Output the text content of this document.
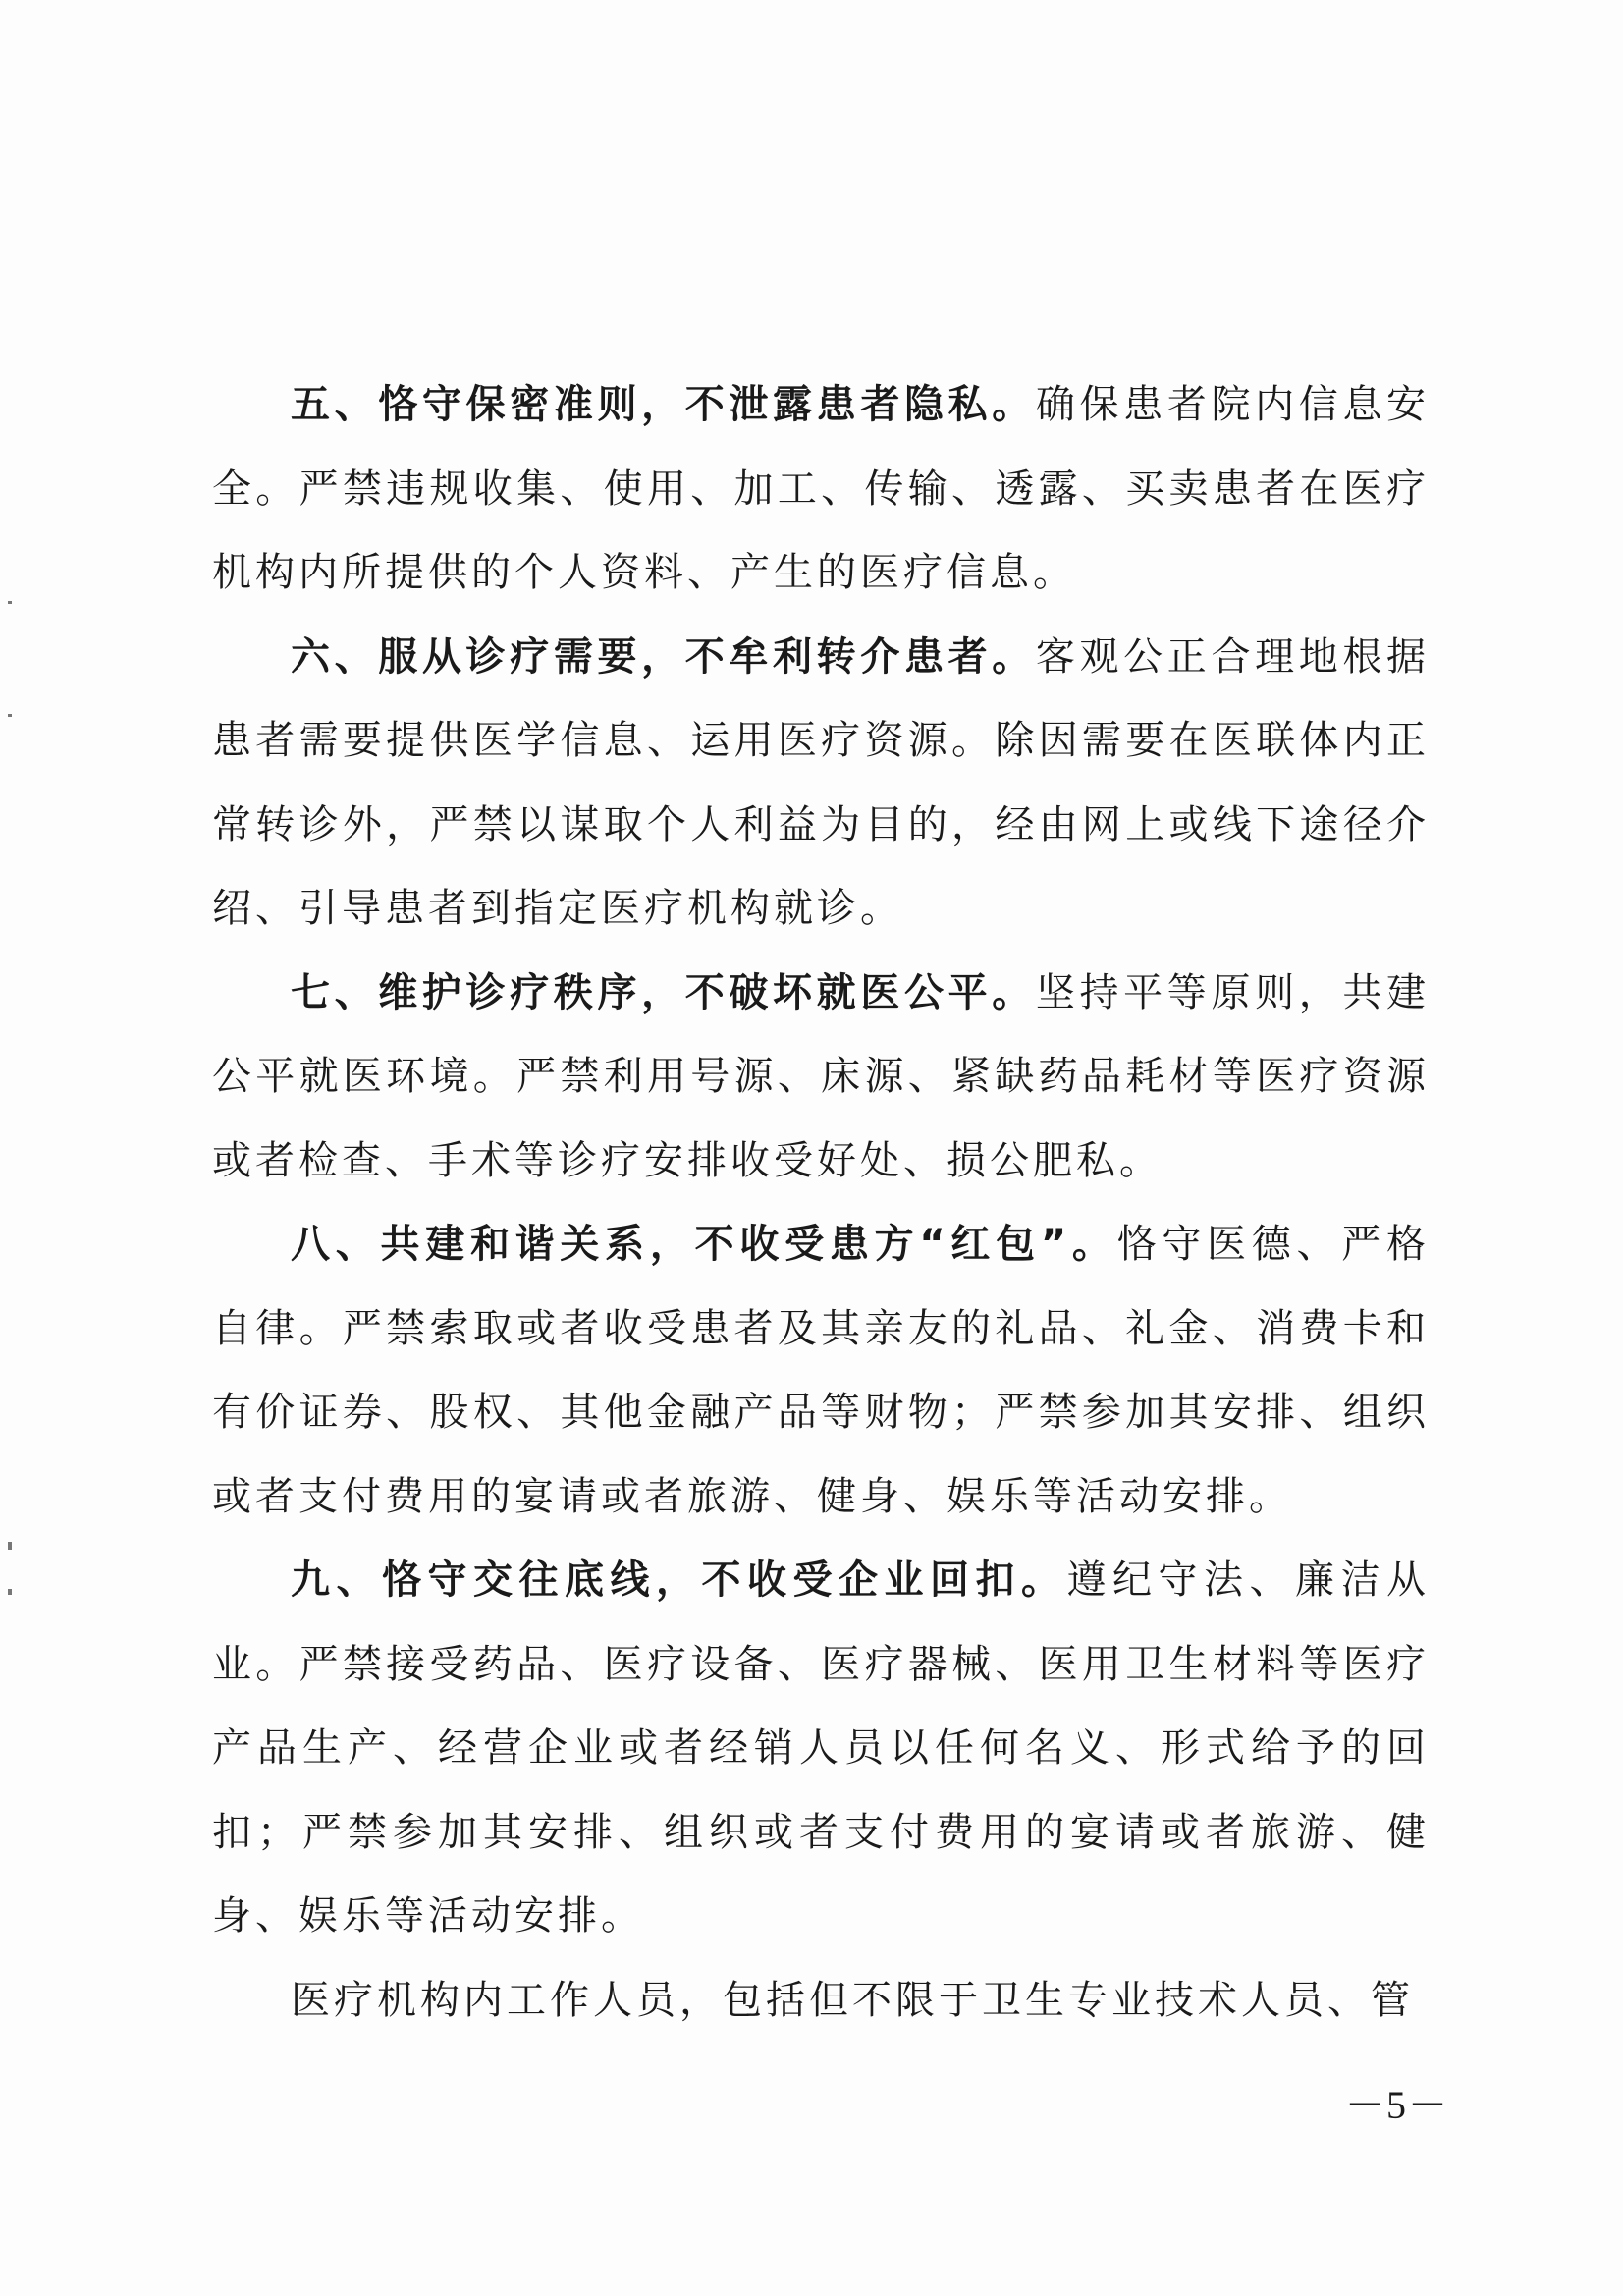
五、恪守保密准则，不泄露患者隐私。确保患者院内信息安全。严禁违规收集、使用、加工、传输、透露、买卖患者在医疗机构内所提供的个人资料、产生的医疗信息。

六、服从诊疗需要，不牟利转介患者。客观公正合理地根据患者需要提供医学信息、运用医疗资源。除因需要在医联体内正常转诊外，严禁以谋取个人利益为目的，经由网上或线下途径介绍、引导患者到指定医疗机构就诊。

七、维护诊疗秩序，不破坏就医公平。坚持平等原则，共建公平就医环境。严禁利用号源、床源、紧缺药品耗材等医疗资源或者检查、手术等诊疗安排收受好处、损公肥私。

八、共建和谐关系，不收受患方“红包”。恪守医德、严格自律。严禁索取或者收受患者及其亲友的礼品、礼金、消费卡和有价证券、股权、其他金融产品等财物；严禁参加其安排、组织或者支付费用的宴请或者旅游、健身、娱乐等活动安排。

九、恪守交往底线，不收受企业回扣。遵纪守法、廉洁从业。严禁接受药品、医疗设备、医疗器械、医用卫生材料等医疗产品生产、经营企业或者经销人员以任何名义、形式给予的回扣；严禁参加其安排、组织或者支付费用的宴请或者旅游、健身、娱乐等活动安排。

医疗机构内工作人员，包括但不限于卫生专业技术人员、管

－5－
